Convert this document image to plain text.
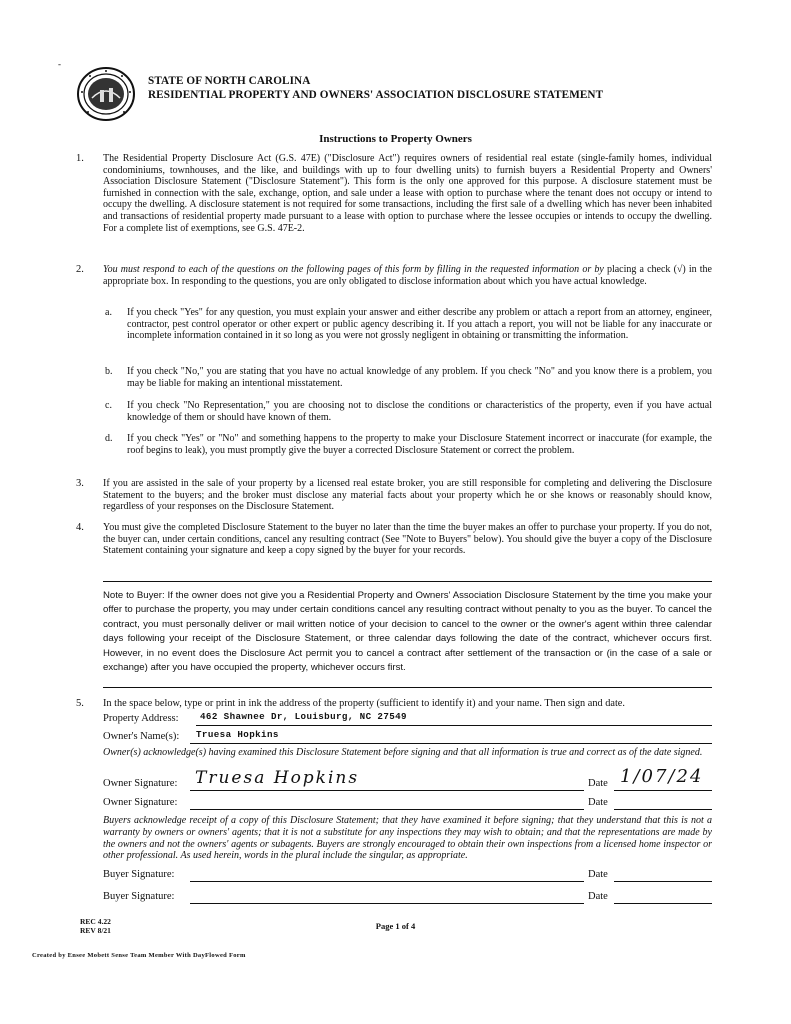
-
STATE OF NORTH CAROLINA
RESIDENTIAL PROPERTY AND OWNERS' ASSOCIATION DISCLOSURE STATEMENT
Instructions to Property Owners
1. The Residential Property Disclosure Act (G.S. 47E) ("Disclosure Act") requires owners of residential real estate (single-family homes, individual condominiums, townhouses, and the like, and buildings with up to four dwelling units) to furnish buyers a Residential Property and Owners' Association Disclosure Statement ("Disclosure Statement"). This form is the only one approved for this purpose. A disclosure statement must be furnished in connection with the sale, exchange, option, and sale under a lease with option to purchase where the tenant does not occupy or intend to occupy the dwelling. A disclosure statement is not required for some transactions, including the first sale of a dwelling which has never been inhabited and transactions of residential property made pursuant to a lease with option to purchase where the lessee occupies or intends to occupy the dwelling. For a complete list of exemptions, see G.S. 47E-2.
2. You must respond to each of the questions on the following pages of this form by filling in the requested information or by placing a check (√) in the appropriate box. In responding to the questions, you are only obligated to disclose information about which you have actual knowledge.
a. If you check "Yes" for any question, you must explain your answer and either describe any problem or attach a report from an attorney, engineer, contractor, pest control operator or other expert or public agency describing it. If you attach a report, you will not be liable for any inaccurate or incomplete information contained in it so long as you were not grossly negligent in obtaining or transmitting the information.
b. If you check "No," you are stating that you have no actual knowledge of any problem. If you check "No" and you know there is a problem, you may be liable for making an intentional misstatement.
c. If you check "No Representation," you are choosing not to disclose the conditions or characteristics of the property, even if you have actual knowledge of them or should have known of them.
d. If you check "Yes" or "No" and something happens to the property to make your Disclosure Statement incorrect or inaccurate (for example, the roof begins to leak), you must promptly give the buyer a corrected Disclosure Statement or correct the problem.
3. If you are assisted in the sale of your property by a licensed real estate broker, you are still responsible for completing and delivering the Disclosure Statement to the buyers; and the broker must disclose any material facts about your property which he or she knows or reasonably should know, regardless of your responses on the Disclosure Statement.
4. You must give the completed Disclosure Statement to the buyer no later than the time the buyer makes an offer to purchase your property. If you do not, the buyer can, under certain conditions, cancel any resulting contract (See "Note to Buyers" below). You should give the buyer a copy of the Disclosure Statement containing your signature and keep a copy signed by the buyer for your records.
Note to Buyer: If the owner does not give you a Residential Property and Owners' Association Disclosure Statement by the time you make your offer to purchase the property, you may under certain conditions cancel any resulting contract without penalty to you as the buyer. To cancel the contract, you must personally deliver or mail written notice of your decision to cancel to the owner or the owner's agent within three calendar days following your receipt of the Disclosure Statement, or three calendar days following the date of the contract, whichever occurs first. However, in no event does the Disclosure Act permit you to cancel a contract after settlement of the transaction or (in the case of a sale or exchange) after you have occupied the property, whichever occurs first.
5. In the space below, type or print in ink the address of the property (sufficient to identify it) and your name. Then sign and date.
Property Address: 462 Shawnee Dr, Louisburg, NC 27549
Owner's Name(s): Truesa Hopkins
Owner(s) acknowledge(s) having examined this Disclosure Statement before signing and that all information is true and correct as of the date signed.
Owner Signature: Truesa Hopkins	Date 1/07/24
Owner Signature:	Date
Buyers acknowledge receipt of a copy of this Disclosure Statement; that they have examined it before signing; that they understand that this is not a warranty by owners or owners' agents; that it is not a substitute for any inspections they may wish to obtain; and that the representations are made by the owners and not the owners' agents or subagents. Buyers are strongly encouraged to obtain their own inspections from a licensed home inspector or other professional. As used herein, words in the plural include the singular, as appropriate.
Buyer Signature:	Date
Buyer Signature:	Date
REC 4.22
REV 8/21	Page 1 of 4
Created by Ensee Mobett Sense Team Member With DayFlowed Form
